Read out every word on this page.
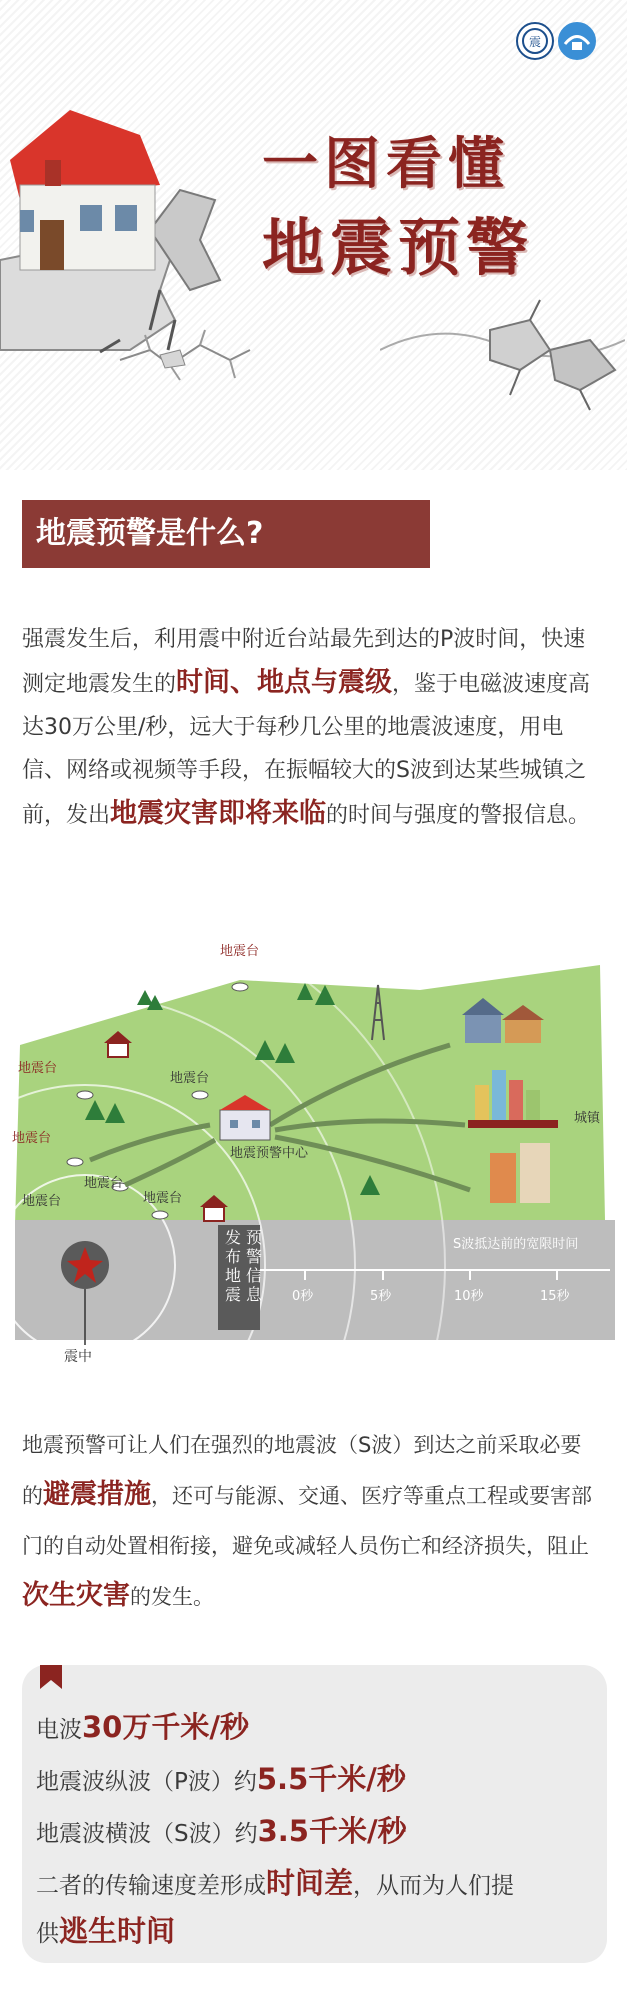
震
一图看懂
地震预警
地震预警是什么?
强震发生后，利用震中附近台站最先到达的P波时间，快速测定地震发生的时间、地点与震级，鉴于电磁波速度高达30万公里/秒，远大于每秒几公里的地震波速度，用电信、网络或视频等手段，在振幅较大的S波到达某些城镇之前，发出地震灾害即将来临的时间与强度的警报信息。
地震台
地震台
地震台
地震台
地震台
地震台	地震台
地震预警中心
城镇
震中
发布 地震
预警 信息
S波抵达前的宽限时间
0秒	5秒	10秒	15秒
地震预警可让人们在强烈的地震波（S波）到达之前采取必要的避震措施，还可与能源、交通、医疗等重点工程或要害部门的自动处置相衔接，避免或减轻人员伤亡和经济损失，阻止次生灾害的发生。
电波30万千米/秒
地震波纵波（P波）约5.5千米/秒
地震波横波（S波）约3.5千米/秒
二者的传输速度差形成时间差，从而为人们提
供逃生时间
